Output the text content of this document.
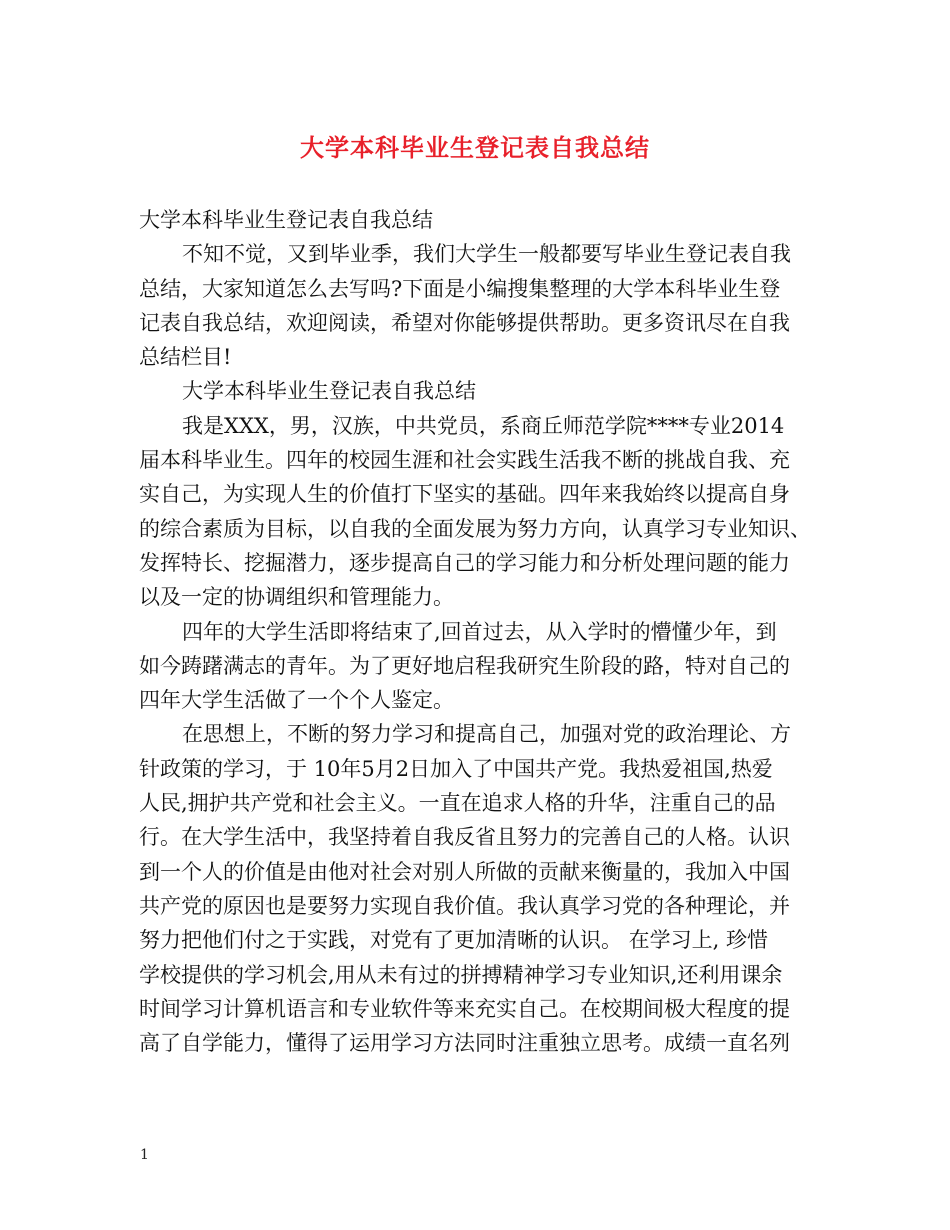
大学本科毕业生登记表自我总结
大学本科毕业生登记表自我总结
不知不觉，又到毕业季，我们大学生一般都要写毕业生登记表自我
总结，大家知道怎么去写吗?下面是小编搜集整理的大学本科毕业生登
记表自我总结，欢迎阅读，希望对你能够提供帮助。更多资讯尽在自我
总结栏目!
大学本科毕业生登记表自我总结
我是XXX，男，汉族，中共党员，系商丘师范学院****专业2014
届本科毕业生。四年的校园生涯和社会实践生活我不断的挑战自我、充
实自己，为实现人生的价值打下坚实的基础。四年来我始终以提高自身
的综合素质为目标，以自我的全面发展为努力方向，认真学习专业知识、
发挥特长、挖掘潜力，逐步提高自己的学习能力和分析处理问题的能力
以及一定的协调组织和管理能力。
四年的大学生活即将结束了,回首过去，从入学时的懵懂少年，到
如今踌躇满志的青年。为了更好地启程我研究生阶段的路，特对自己的
四年大学生活做了一个个人鉴定。
在思想上，不断的努力学习和提高自己，加强对党的政治理论、方
针政策的学习，于 10年5月2日加入了中国共产党。我热爱祖国,热爱
人民,拥护共产党和社会主义。一直在追求人格的升华，注重自己的品
行。在大学生活中，我坚持着自我反省且努力的完善自己的人格。认识
到一个人的价值是由他对社会对别人所做的贡献来衡量的，我加入中国
共产党的原因也是要努力实现自我价值。我认真学习党的各种理论，并
努力把他们付之于实践，对党有了更加清晰的认识。 在学习上, 珍惜
学校提供的学习机会,用从未有过的拼搏精神学习专业知识,还利用课余
时间学习计算机语言和专业软件等来充实自己。在校期间极大程度的提
高了自学能力，懂得了运用学习方法同时注重独立思考。成绩一直名列
1
